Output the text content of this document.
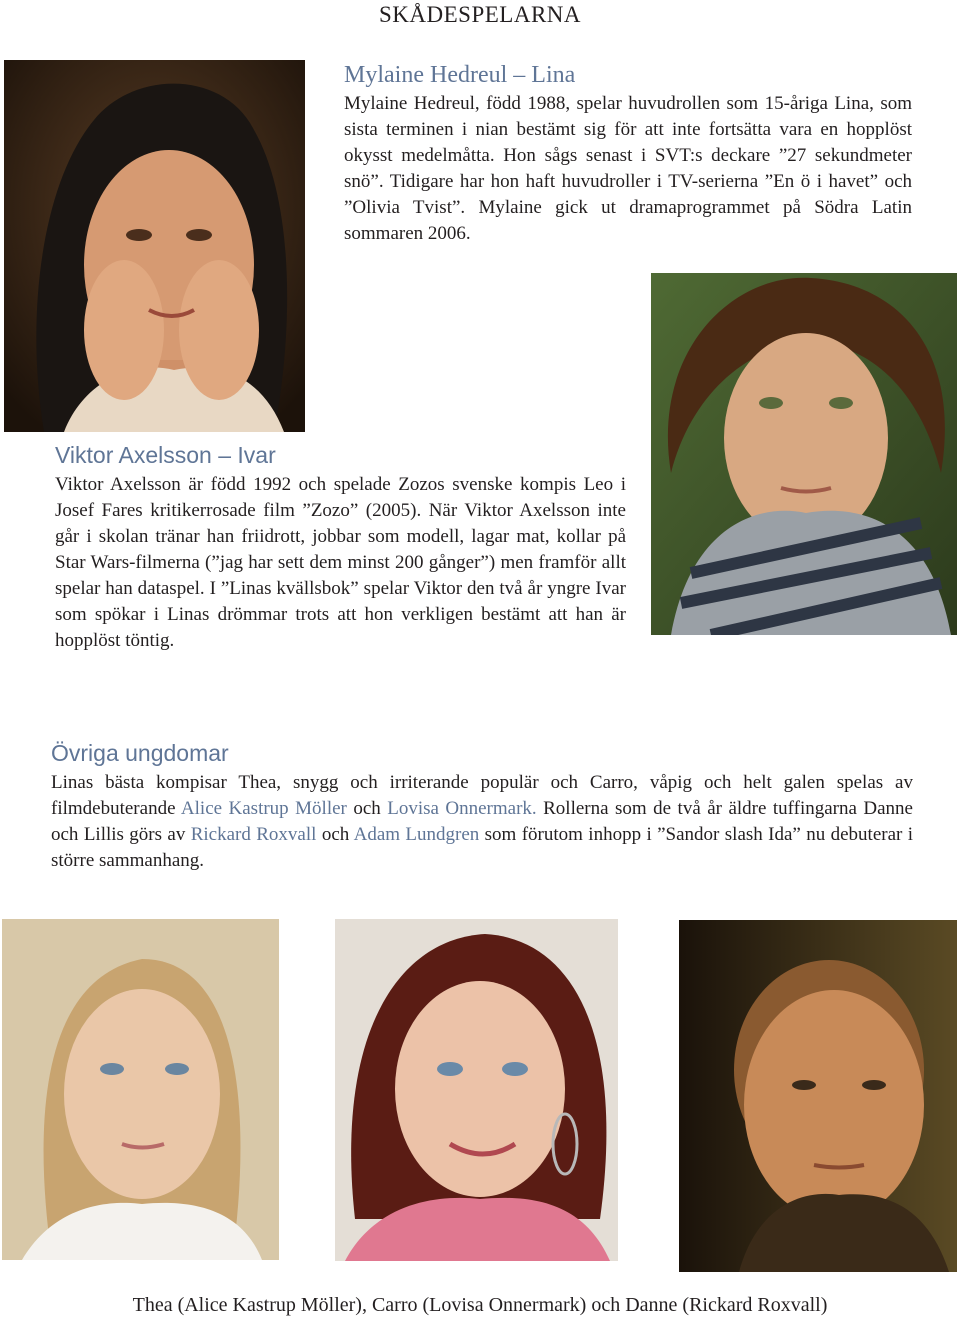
SKÅDESPELARNA
Mylaine Hedreul – Lina

Mylaine Hedreul, född 1988, spelar huvudrollen som 15-åriga Lina, som sista terminen i nian bestämt sig för att inte fortsätta vara en hopplöst okysst medelmåtta. Hon sågs senast i SVT:s deckare ”27 sekundmeter snö”. Tidigare har hon haft huvudroller i TV-serierna ”En ö i havet” och ”Olivia Tvist”. Mylaine gick ut dramaprogrammet på Södra Latin sommaren 2006.

Viktor Axelsson – Ivar

Viktor Axelsson är född 1992 och spelade Zozos svenske kompis Leo i Josef Fares kritikerrosade film ”Zozo” (2005). När Viktor Axelsson inte går i skolan tränar han friidrott, jobbar som modell, lagar mat, kollar på Star Wars-filmerna (”jag har sett dem minst 200 gånger”) men framför allt spelar han dataspel. I ”Linas kvällsbok” spelar Viktor den två år yngre Ivar som spökar i Linas drömmar trots att hon verkligen bestämt att han är hopplöst töntig.

Övriga ungdomar

Linas bästa kompisar Thea, snygg och irriterande populär och Carro, våpig och helt galen spelas av filmdebuterande Alice Kastrup Möller och Lovisa Onnermark. Rollerna som de två år äldre tuffingarna Danne och Lillis görs av Rickard Roxvall och Adam Lundgren som förutom inhopp i ”Sandor slash Ida” nu debuterar i större sammanhang.

Thea (Alice Kastrup Möller), Carro (Lovisa Onnermark) och Danne (Rickard Roxvall)
